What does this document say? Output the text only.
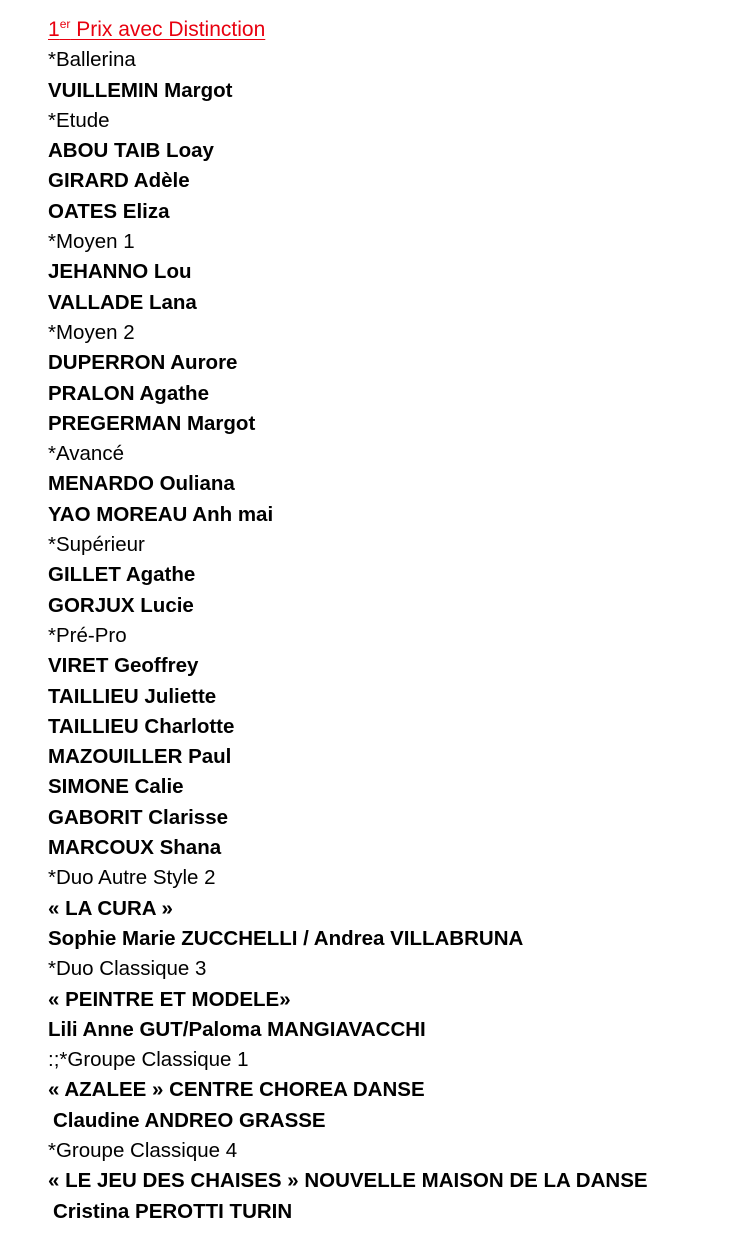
1er Prix avec Distinction
*Ballerina
VUILLEMIN Margot
*Etude
ABOU TAIB Loay
GIRARD Adèle
OATES Eliza
*Moyen 1
JEHANNO Lou
VALLADE Lana
*Moyen 2
DUPERRON Aurore
PRALON Agathe
PREGERMAN Margot
*Avancé
MENARDO Ouliana
YAO MOREAU Anh mai
*Supérieur
GILLET Agathe
GORJUX Lucie
*Pré-Pro
VIRET Geoffrey
TAILLIEU Juliette
TAILLIEU Charlotte
MAZOUILLER Paul
SIMONE Calie
GABORIT Clarisse
MARCOUX Shana
*Duo Autre Style 2
« LA CURA »
Sophie Marie ZUCCHELLI / Andrea VILLABRUNA
*Duo Classique 3
« PEINTRE ET MODELE»
Lili Anne GUT/Paloma MANGIAVACCHI
:;*Groupe Classique 1
« AZALEE » CENTRE CHOREA DANSE
Claudine ANDREO GRASSE
*Groupe Classique 4
« LE JEU DES CHAISES » NOUVELLE MAISON DE LA DANSE
Cristina PEROTTI TURIN
